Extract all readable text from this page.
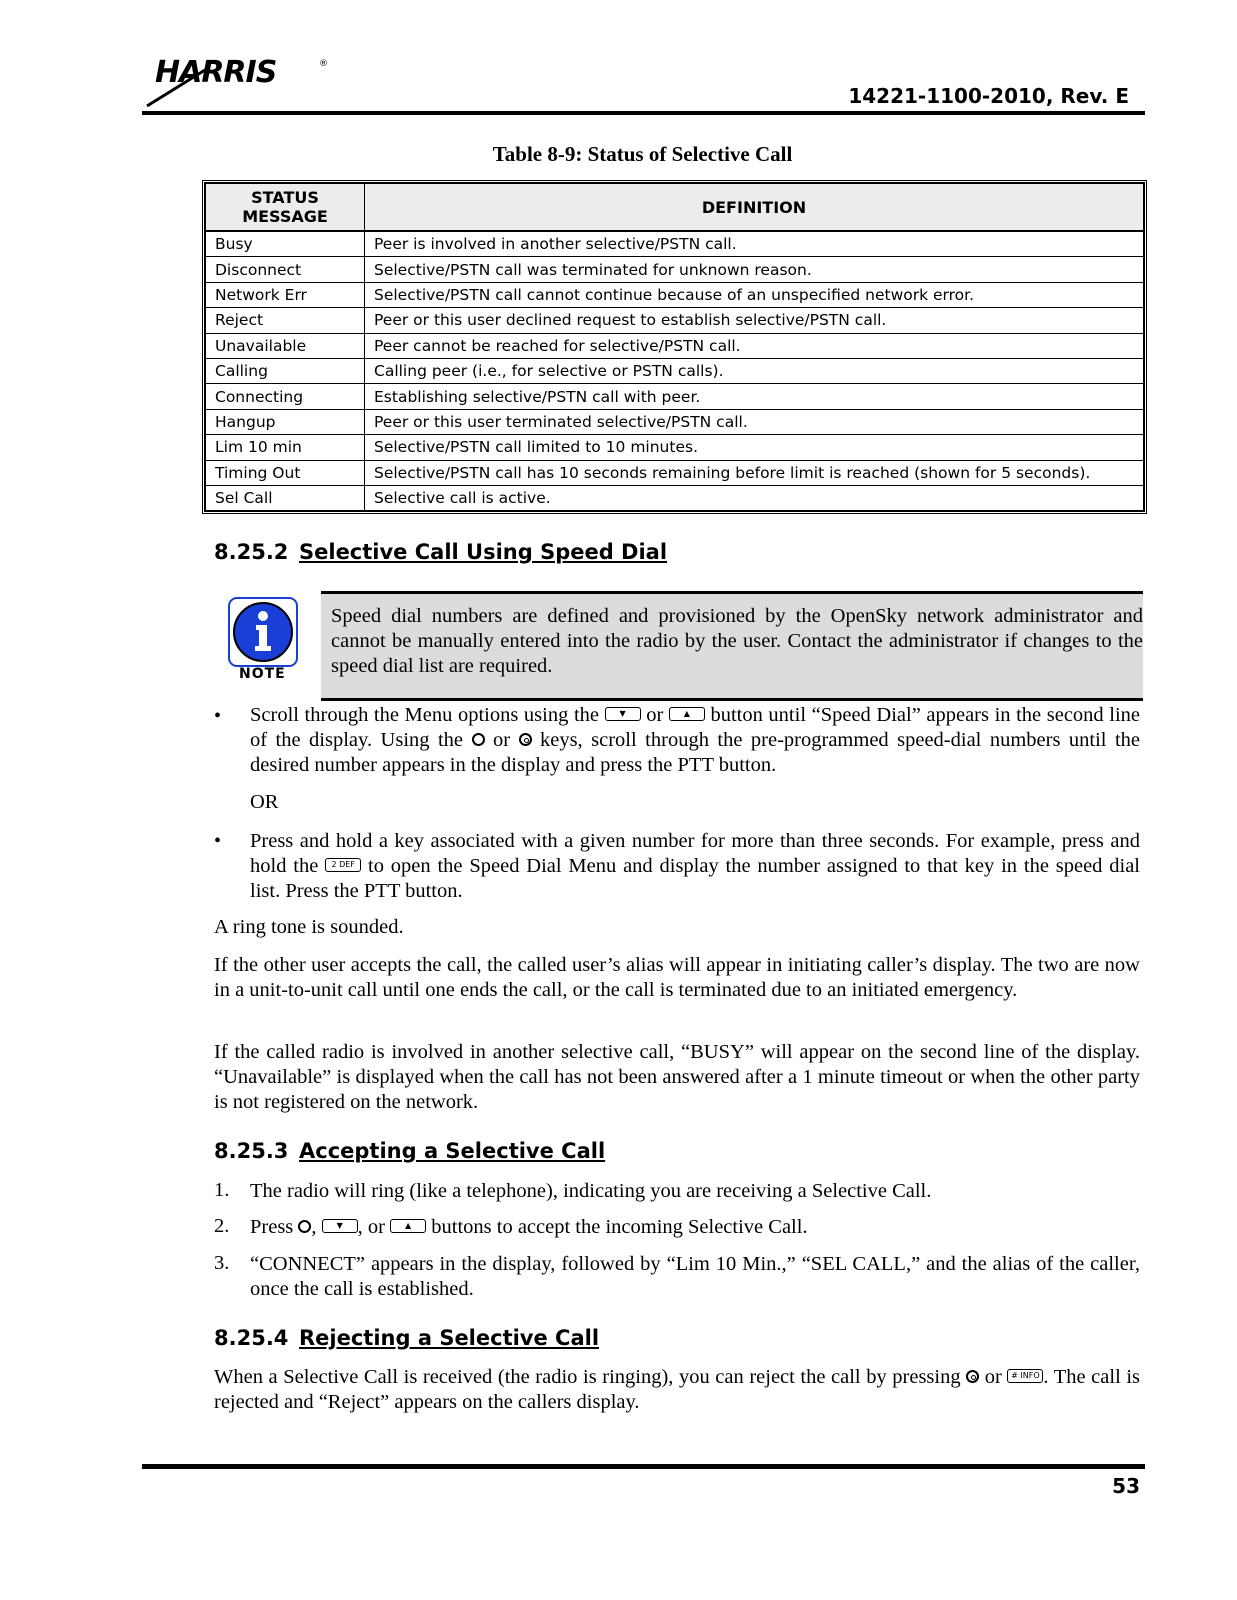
HARRIS	®
14221-1100-2010, Rev. E
Table 8-9: Status of Selective Call
STATUS
MESSAGE	DEFINITION
Busy	Peer is involved in another selective/PSTN call.
Disconnect	Selective/PSTN call was terminated for unknown reason.
Network Err	Selective/PSTN call cannot continue because of an unspecified network error.
Reject	Peer or this user declined request to establish selective/PSTN call.
Unavailable	Peer cannot be reached for selective/PSTN call.
Calling	Calling peer (i.e., for selective or PSTN calls).
Connecting	Establishing selective/PSTN call with peer.
Hangup	Peer or this user terminated selective/PSTN call.
Lim 10 min	Selective/PSTN call limited to 10 minutes.
Timing Out	Selective/PSTN call has 10 seconds remaining before limit is reached (shown for 5 seconds).
Sel Call	Selective call is active.
8.25.2 Selective Call Using Speed Dial
NOTE
Speed dial numbers are defined and provisioned by the OpenSky network administrator and cannot be manually entered into the radio by the user. Contact the administrator if changes to the speed dial list are required.
• Scroll through the Menu options using the	▼ or	▲ button until “Speed Dial” appears in the second line of the display. Using the or keys, scroll through the pre-programmed speed-dial numbers until the desired number appears in the display and press the PTT button.
OR
• Press and hold a key associated with a given number for more than three seconds. For example, press and hold the 2 DEF to open the Speed Dial Menu and display the number assigned to that key in the speed dial list. Press the PTT button.
A ring tone is sounded.
If the other user accepts the call, the called user’s alias will appear in initiating caller’s display. The two are now in a unit-to-unit call until one ends the call, or the call is terminated due to an initiated emergency.
If the called radio is involved in another selective call, “BUSY” will appear on the second line of the display. “Unavailable” is displayed when the call has not been answered after a 1 minute timeout or when the other party is not registered on the network.
8.25.3 Accepting a Selective Call
1. The radio will ring (like a telephone), indicating you are receiving a Selective Call.
2. Press ,	▼ , or	▲ buttons to accept the incoming Selective Call.
3. “CONNECT” appears in the display, followed by “Lim 10 Min.,” “SEL CALL,” and the alias of the caller, once the call is established.
8.25.4 Rejecting a Selective Call
When a Selective Call is received (the radio is ringing), you can reject the call by pressing or # INFO . The call is rejected and “Reject” appears on the callers display.
53
